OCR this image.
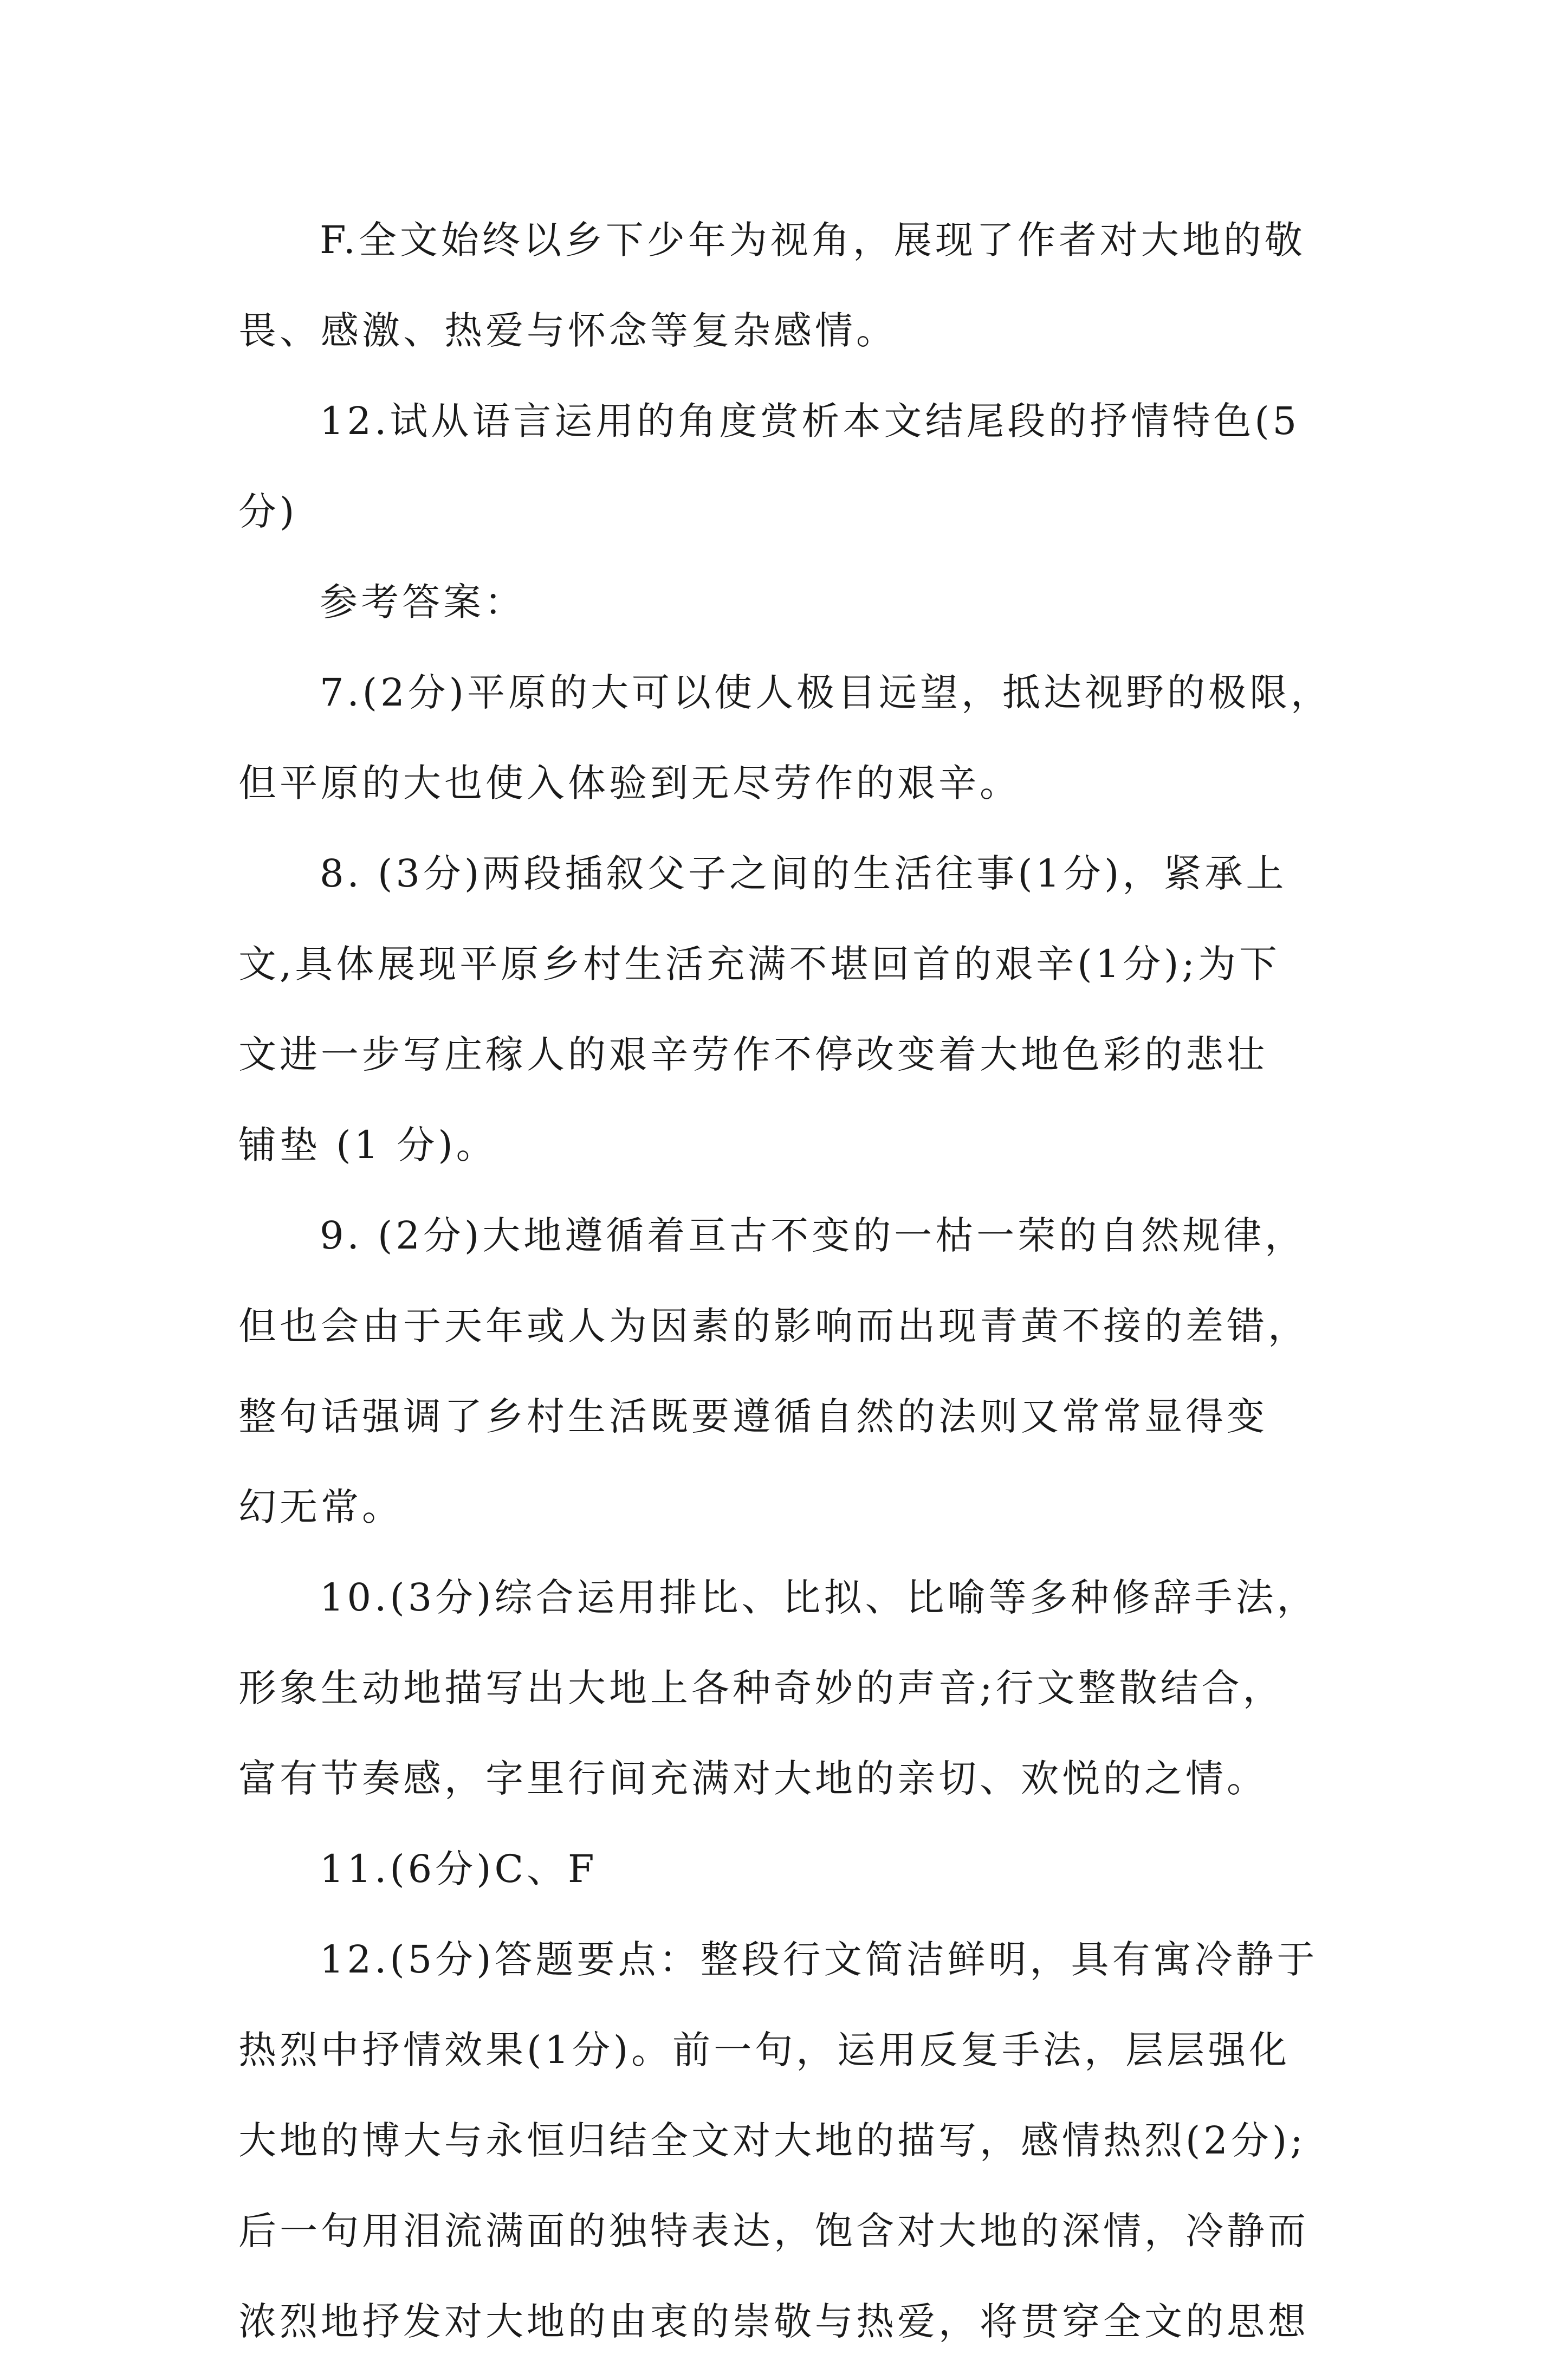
F.全文始终以乡下少年为视角，展现了作者对大地的敬
畏、感激、热爱与怀念等复杂感情。
12.试从语言运用的角度赏析本文结尾段的抒情特色(5
分)
参考答案：
7.(2分)平原的大可以使人极目远望，抵达视野的极限，
但平原的大也使入体验到无尽劳作的艰辛。
8. (3分)两段插叙父子之间的生活往事(1分)，紧承上
文,具体展现平原乡村生活充满不堪回首的艰辛(1分);为下
文进一步写庄稼人的艰辛劳作不停改变着大地色彩的悲壮
铺垫 (1 分)。
9. (2分)大地遵循着亘古不变的一枯一荣的自然规律，
但也会由于天年或人为因素的影响而出现青黄不接的差错，
整句话强调了乡村生活既要遵循自然的法则又常常显得变
幻无常。
10.(3分)综合运用排比、比拟、比喻等多种修辞手法，
形象生动地描写出大地上各种奇妙的声音;行文整散结合，
富有节奏感，字里行间充满对大地的亲切、欢悦的之情。
11.(6分)C、F
12.(5分)答题要点：整段行文简洁鲜明，具有寓冷静于
热烈中抒情效果(1分)。前一句，运用反复手法，层层强化
大地的博大与永恒归结全文对大地的描写，感情热烈(2分);
后一句用泪流满面的独特表达，饱含对大地的深情，冷静而
浓烈地抒发对大地的由衷的崇敬与热爱，将贯穿全文的思想
